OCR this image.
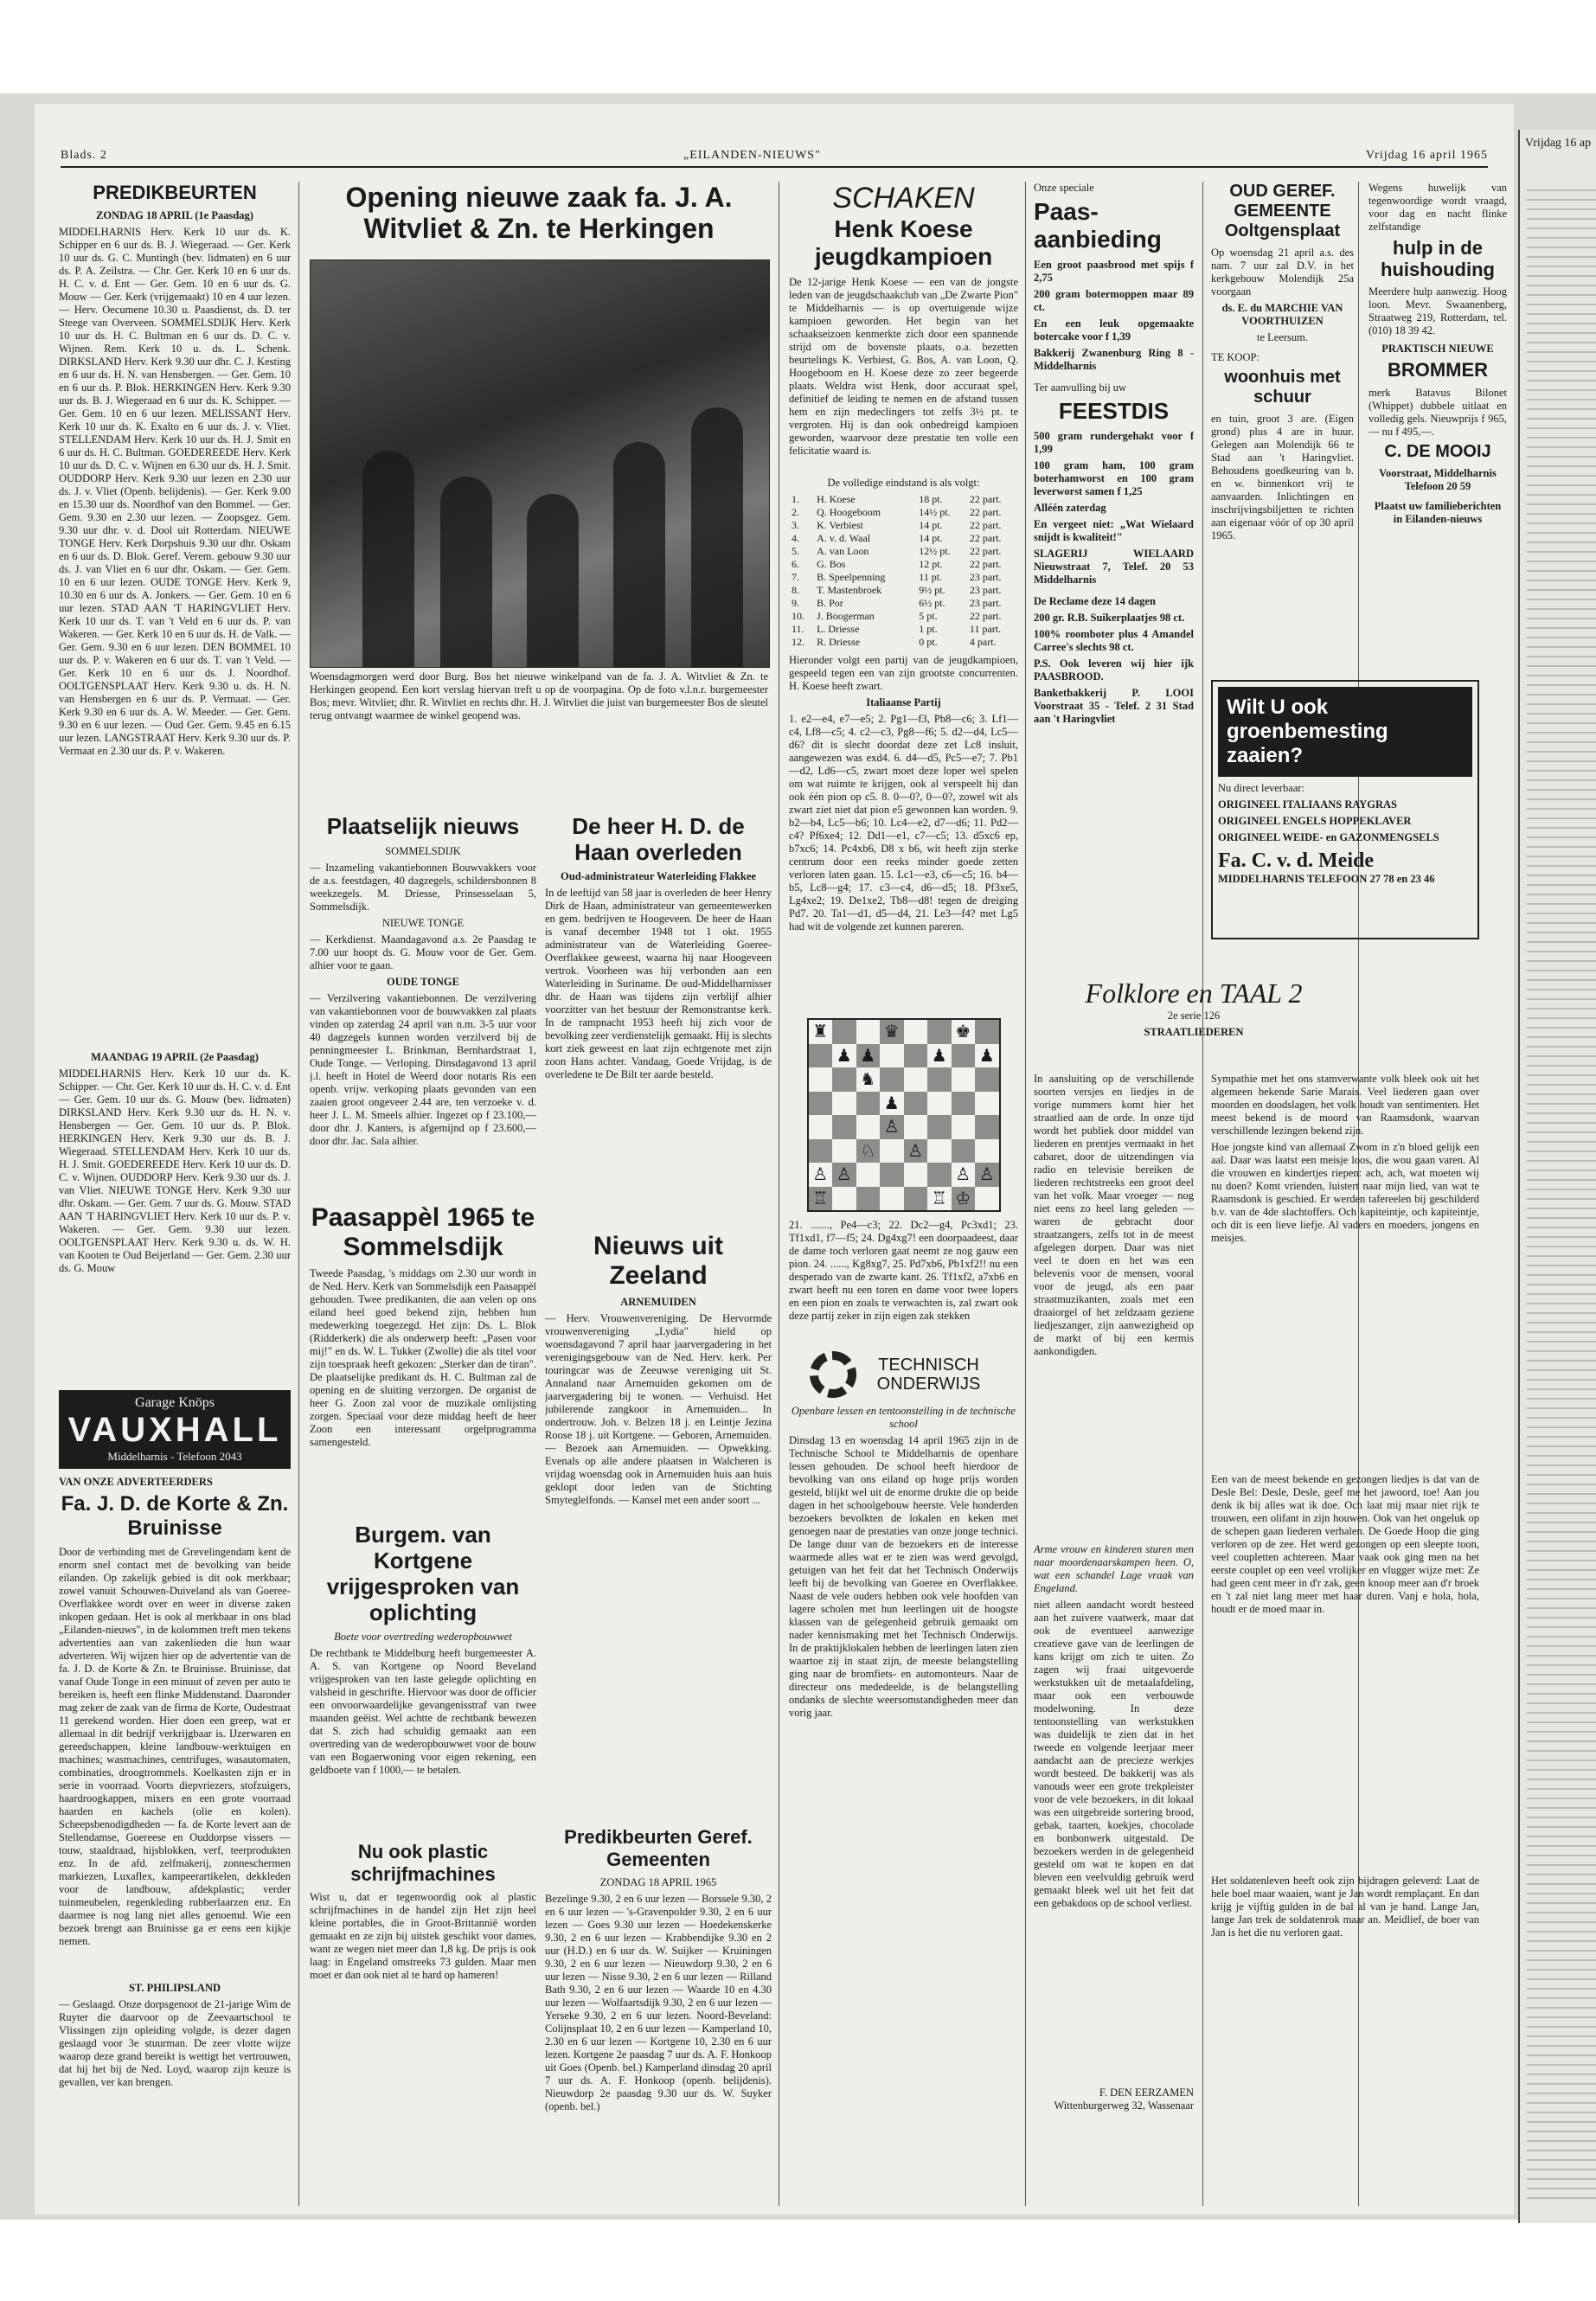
Vrijdag 16 ap
Blads. 2	„EILANDEN-NIEUWS"	Vrijdag 16 april 1965
PREDIKBEURTEN
ZONDAG 18 APRIL (1e Paasdag)

MIDDELHARNIS Herv. Kerk 10 uur ds. K. Schipper en 6 uur ds. B. J. Wiegeraad. — Ger. Kerk 10 uur ds. G. C. Muntingh (bev. lidmaten) en 6 uur ds. P. A. Zeilstra. — Chr. Ger. Kerk 10 en 6 uur ds. H. C. v. d. Ent — Ger. Gem. 10 en 6 uur ds. G. Mouw — Ger. Kerk (vrijgemaakt) 10 en 4 uur lezen. — Herv. Oecumene 10.30 u. Paasdienst, ds. D. ter Steege van Overveen. SOMMELSDIJK Herv. Kerk 10 uur ds. H. C. Bultman en 6 uur ds. D. C. v. Wijnen. Rem. Kerk 10 u. ds. L. Schenk. DIRKSLAND Herv. Kerk 9.30 uur dhr. C. J. Kesting en 6 uur ds. H. N. van Hensbergen. — Ger. Gem. 10 en 6 uur ds. P. Blok. HERKINGEN Herv. Kerk 9.30 uur ds. B. J. Wiegeraad en 6 uur ds. K. Schipper. — Ger. Gem. 10 en 6 uur lezen. MELISSANT Herv. Kerk 10 uur ds. K. Exalto en 6 uur ds. J. v. Vliet. STELLENDAM Herv. Kerk 10 uur ds. H. J. Smit en 6 uur ds. H. C. Bultman. GOEDEREEDE Herv. Kerk 10 uur ds. D. C. v. Wijnen en 6.30 uur ds. H. J. Smit. OUDDORP Herv. Kerk 9.30 uur lezen en 2.30 uur ds. J. v. Vliet (Openb. belijdenis). — Ger. Kerk 9.00 en 15.30 uur ds. Noordhof van den Bommel. — Ger. Gem. 9.30 en 2.30 uur lezen. — Zoopsgez. Gem. 9.30 uur dhr. v. d. Dool uit Rotterdam. NIEUWE TONGE Herv. Kerk Dorpshuis 9.30 uur dhr. Oskam en 6 uur ds. D. Blok. Geref. Verem. gebouw 9.30 uur ds. J. van Vliet en 6 uur dhr. Oskam. — Ger. Gem. 10 en 6 uur lezen. OUDE TONGE Herv. Kerk 9, 10.30 en 6 uur ds. A. Jonkers. — Ger. Gem. 10 en 6 uur lezen. STAD AAN 'T HARINGVLIET Herv. Kerk 10 uur ds. T. van 't Veld en 6 uur ds. P. van Wakeren. — Ger. Kerk 10 en 6 uur ds. H. de Valk. — Ger. Gem. 9.30 en 6 uur lezen. DEN BOMMEL 10 uur ds. P. v. Wakeren en 6 uur ds. T. van 't Veld. — Ger. Kerk 10 en 6 uur ds. J. Noordhof. OOLTGENSPLAAT Herv. Kerk 9.30 u. ds. H. N. van Hensbergen en 6 uur ds. P. Vermaat. — Ger. Kerk 9.30 en 6 uur ds. A. W. Meeder. — Ger. Gem. 9.30 en 6 uur lezen. — Oud Ger. Gem. 9.45 en 6.15 uur lezen. LANGSTRAAT Herv. Kerk 9.30 uur ds. P. Vermaat en 2.30 uur ds. P. v. Wakeren.

MAANDAG 19 APRIL (2e Paasdag)

MIDDELHARNIS Herv. Kerk 10 uur ds. K. Schipper. — Chr. Ger. Kerk 10 uur ds. H. C. v. d. Ent — Ger. Gem. 10 uur ds. G. Mouw (bev. lidmaten) DIRKSLAND Herv. Kerk 9.30 uur ds. H. N. v. Hensbergen — Ger. Gem. 10 uur ds. P. Blok. HERKINGEN Herv. Kerk 9.30 uur ds. B. J. Wiegeraad. STELLENDAM Herv. Kerk 10 uur ds. H. J. Smit. GOEDEREEDE Herv. Kerk 10 uur ds. D. C. v. Wijnen. OUDDORP Herv. Kerk 9.30 uur ds. J. van Vliet. NIEUWE TONGE Herv. Kerk 9.30 uur dhr. Oskam. — Ger. Gem. 7 uur ds. G. Mouw. STAD AAN 'T HARINGVLIET Herv. Kerk 10 uur ds. P. v. Wakeren. — Ger. Gem. 9.30 uur lezen. OOLTGENSPLAAT Herv. Kerk 9.30 u. ds. W. H. van Kooten te Oud Beijerland — Ger. Gem. 2.30 uur ds. G. Mouw

Garage Knöps
VAUXHALL
Middelharnis - Telefoon 2043
VAN ONZE ADVERTEERDERS
Fa. J. D. de Korte & Zn. Bruinisse

Door de verbinding met de Grevelingendam kent de enorm snel contact met de bevolking van beide eilanden. Op zakelijk gebied is dit ook merkbaar; zowel vanuit Schouwen-Duiveland als van Goeree-Overflakkee wordt over en weer in diverse zaken inkopen gedaan. Het is ook al merkbaar in ons blad „Eilanden-nieuws", in de kolommen treft men tekens advertenties aan van zakenlieden die hun waar adverteren. Wij wijzen hier op de advertentie van de fa. J. D. de Korte & Zn. te Bruinisse. Bruinisse, dat vanaf Oude Tonge in een minuut of zeven per auto te bereiken is, heeft een flinke Middenstand. Daaronder mag zeker de zaak van de firma de Korte, Oudestraat 11 gerekend worden. Hier doen een greep, wat er allemaal in dit bedrijf verkrijgbaar is. IJzerwaren en gereedschappen, kleine landbouw-werktuigen en machines; wasmachines, centrifuges, wasautomaten, combinaties, droogtrommels. Koelkasten zijn er in serie in voorraad. Voorts diepvriezers, stofzuigers, haardroogkappen, mixers en een grote voorraad haarden en kachels (olie en kolen). Scheepsbenodigdheden — fa. de Korte levert aan de Stellendamse, Goereese en Ouddorpse vissers — touw, staaldraad, hijsblokken, verf, teerprodukten enz. In de afd. zelfmakerij, zonneschermen markiezen, Luxaflex, kampeerartikelen, dekkleden voor de landbouw, afdekplastic; verder tuinmeubelen, regenkleding rubberlaarzen enz. En daarmee is nog lang niet alles genoemd. Wie een bezoek brengt aan Bruinisse ga er eens een kijkje nemen.

ST. PHILIPSLAND

— Geslaagd. Onze dorpsgenoot de 21-jarige Wim de Ruyter die daarvoor op de Zeevaartschool te Vlissingen zijn opleiding volgde, is dezer dagen geslaagd voor 3e stuurman. De zeer vlotte wijze waarop deze grand bereikt is wettigt het vertrouwen, dat hij het bij de Ned. Loyd, waarop zijn keuze is gevallen, ver kan brengen.

Opening nieuwe zaak fa. J. A. Witvliet & Zn. te Herkingen

Woensdagmorgen werd door Burg. Bos het nieuwe winkelpand van de fa. J. A. Witvliet & Zn. te Herkingen geopend. Een kort verslag hiervan treft u op de voorpagina. Op de foto v.l.n.r. burgemeester Bos; mevr. Witvliet; dhr. R. Witvliet en rechts dhr. H. J. Witvliet die juist van burgemeester Bos de sleutel terug ontvangt waarmee de winkel geopend was.

Plaatselijk nieuws
SOMMELSDIJK

— Inzameling vakantiebonnen Bouwvakkers voor de a.s. feestdagen, 40 dagzegels, schildersbonnen 8 weekzegels. M. Driesse, Prinsesselaan 5, Sommelsdijk.

NIEUWE TONGE

— Kerkdienst. Maandagavond a.s. 2e Paasdag te 7.00 uur hoopt ds. G. Mouw voor de Ger. Gem. alhier voor te gaan.

OUDE TONGE

— Verzilvering vakantiebonnen. De verzilvering van vakantiebonnen voor de bouwvakken zal plaats vinden op zaterdag 24 april van n.m. 3-5 uur voor 40 dagzegels kunnen worden verzilverd bij de penningmeester L. Brinkman, Bernhardstraat 1, Oude Tonge. — Verloping. Dinsdagavond 13 april j.l. heeft in Hotel de Weerd door notaris Ris een openb. vrijw. verkoping plaats gevonden van een zaaien groot ongeveer 2.44 are, ten verzoeke v. d. heer J. L. M. Smeels alhier. Ingezet op f 23.100,— door dhr. J. Kanters, is afgemijnd op f 23.600,— door dhr. Jac. Sala alhier.

Paasappèl 1965 te Sommelsdijk

Tweede Paasdag, 's middags om 2.30 uur wordt in de Ned. Herv. Kerk van Sommelsdijk een Paasappèl gehouden. Twee predikanten, die aan velen op ons eiland heel goed bekend zijn, hebben hun medewerking toegezegd. Het zijn: Ds. L. Blok (Ridderkerk) die als onderwerp heeft: „Pasen voor mij!" en ds. W. L. Tukker (Zwolle) die als titel voor zijn toespraak heeft gekozen: „Sterker dan de tiran". De plaatselijke predikant ds. H. C. Bultman zal de opening en de sluiting verzorgen. De organist de heer G. Zoon zal voor de muzikale omlijsting zorgen. Speciaal voor deze middag heeft de heer Zoon een interessant orgelprogramma samengesteld.

Burgem. van Kortgene vrijgesproken van oplichting
Boete voor overtreding wederopbouwwet

De rechtbank te Middelburg heeft burgemeester A. A. S. van Kortgene op Noord Beveland vrijgesproken van ten laste gelegde oplichting en valsheid in geschrifte. Hiervoor was door de officier een onvoorwaardelijke gevangenisstraf van twee maanden geëist. Wel achtte de rechtbank bewezen dat S. zich had schuldig gemaakt aan een overtreding van de wederopbouwwet voor de bouw van een Bogaerwoning voor eigen rekening, een geldboete van f 1000,— te betalen.

Nu ook plastic schrijfmachines

Wist u, dat er tegenwoordig ook al plastic schrijfmachines in de handel zijn Het zijn heel kleine portables, die in Groot-Brittannië worden gemaakt en ze zijn bij uitstek geschikt voor dames, want ze wegen niet meer dan 1,8 kg. De prijs is ook laag: in Engeland omstreeks 73 gulden. Maar men moet er dan ook niet al te hard op hameren!

De heer H. D. de Haan overleden
Oud-administrateur Waterleiding Flakkee

In de leeftijd van 58 jaar is overleden de heer Henry Dirk de Haan, administrateur van gemeentewerken en gem. bedrijven te Hoogeveen. De heer de Haan is vanaf december 1948 tot 1 okt. 1955 administrateur van de Waterleiding Goeree-Overflakkee geweest, waarna hij naar Hoogeveen vertrok. Voorheen was hij verbonden aan een Waterleiding in Suriname. De oud-Middelharnisser dhr. de Haan was tijdens zijn verblijf alhier voorzitter van het bestuur der Remonstrantse kerk. In de rampnacht 1953 heeft hij zich voor de bevolking zeer verdienstelijk gemaakt. Hij is slechts kort ziek geweest en laat zijn echtgenote met zijn zoon Hans achter. Vandaag, Goede Vrijdag, is de overledene te De Bilt ter aarde besteld.

Nieuws uit Zeeland
ARNEMUIDEN

— Herv. Vrouwenvereniging. De Hervormde vrouwenvereniging „Lydia" hield op woensdagavond 7 april haar jaarvergadering in het verenigingsgebouw van de Ned. Herv. kerk. Per touringcar was de Zeeuwse vereniging uit St. Annaland naar Arnemuiden gekomen om de jaarvergadering bij te wonen. — Verhuisd. Het jubilerende zangkoor in Arnemuiden... In ondertrouw. Joh. v. Belzen 18 j. en Leintje Jezina Roose 18 j. uit Kortgene. — Geboren, Arnemuiden. — Bezoek aan Arnemuiden. — Opwekking. Evenals op alle andere plaatsen in Walcheren is vrijdag woensdag ook in Arnemuiden huis aan huis geklopt door leden van de Stichting Smyteglelfonds. — Kansel met een ander soort ...

Predikbeurten Geref. Gemeenten
ZONDAG 18 APRIL 1965

Bezelinge 9.30, 2 en 6 uur lezen — Borssele 9.30, 2 en 6 uur lezen — 's-Gravenpolder 9.30, 2 en 6 uur lezen — Goes 9.30 uur lezen — Hoedekenskerke 9.30, 2 en 6 uur lezen — Krabbendijke 9.30 en 2 uur (H.D.) en 6 uur ds. W. Suijker — Kruiningen 9.30, 2 en 6 uur lezen — Nieuwdorp 9.30, 2 en 6 uur lezen — Nisse 9.30, 2 en 6 uur lezen — Rilland Bath 9.30, 2 en 6 uur lezen — Waarde 10 en 4.30 uur lezen — Wolfaartsdijk 9.30, 2 en 6 uur lezen — Yerseke 9.30, 2 en 6 uur lezen. Noord-Beveland: Colijnsplaat 10, 2 en 6 uur lezen — Kamperland 10, 2.30 en 6 uur lezen — Kortgene 10, 2.30 en 6 uur lezen. Kortgene 2e paasdag 7 uur ds. A. F. Honkoop uit Goes (Openb. bel.) Kamperland dinsdag 20 april 7 uur ds. A. F. Honkoop (openb. belijdenis). Nieuwdorp 2e paasdag 9.30 uur ds. W. Suyker (openb. bel.)

SCHAKEN
Henk Koese jeugdkampioen

De 12-jarige Henk Koese — een van de jongste leden van de jeugdschaakclub van „De Zwarte Pion" te Middelharnis — is op overtuigende wijze kampioen geworden. Het begin van het schaakseizoen kenmerkte zich door een spannende strijd om de bovenste plaats, o.a. bezetten beurtelings K. Verbiest, G. Bos, A. van Loon, Q. Hoogeboom en H. Koese deze zo zeer begeerde plaats. Weldra wist Henk, door accuraat spel, definitief de leiding te nemen en de afstand tussen hem en zijn medeclingers tot zelfs 3½ pt. te vergroten. Hij is dan ook onbedreigd kampioen geworden, waarvoor deze prestatie ten volle een felicitatie waard is.

De volledige eindstand is als volgt:

1.	H. Koese	18 pt.	22 part.
2.	Q. Hoogeboom	14½ pt.	22 part.
3.	K. Verbiest	14 pt.	22 part.
4.	A. v. d. Waal	14 pt.	22 part.
5.	A. van Loon	12½ pt.	22 part.
6.	G. Bos	12 pt.	22 part.
7.	B. Speelpenning	11 pt.	23 part.
8.	T. Mastenbroek	9½ pt.	23 part.
9.	B. Por	6½ pt.	23 part.
10.	J. Boogerman	5 pt.	22 part.
11.	L. Driesse	1 pt.	11 part.
12.	R. Driesse	0 pt.	4 part.

Hieronder volgt een partij van de jeugdkampioen, gespeeld tegen een van zijn grootste concurrenten. H. Koese heeft zwart.

Italiaanse Partij

1. e2—e4, e7—e5; 2. Pg1—f3, Pb8—c6; 3. Lf1—c4, Lf8—c5; 4. c2—c3, Pg8—f6; 5. d2—d4, Lc5—d6? dit is slecht doordat deze zet Lc8 insluit, aangewezen was exd4. 6. d4—d5, Pc5—e7; 7. Pb1—d2, Ld6—c5, zwart moet deze loper wel spelen om wat ruimte te krijgen, ook al verspeelt hij dan ook één pion op c5. 8. 0—0?, 0—0?, zowel wit als zwart ziet niet dat pion e5 gewonnen kan worden. 9. b2—b4, Lc5—b6; 10. Lc4—e2, d7—d6; 11. Pd2—c4? Pf6xe4; 12. Dd1—e1, c7—c5; 13. d5xc6 ep, b7xc6; 14. Pc4xb6, D8 x b6, wit heeft zijn sterke centrum door een reeks minder goede zetten verloren laten gaan. 15. Lc1—e3, c6—c5; 16. b4—b5, Lc8—g4; 17. c3—c4, d6—d5; 18. Pf3xe5, Lg4xe2; 19. De1xe2, Tb8—d8! tegen de dreiging Pd7. 20. Ta1—d1, d5—d4, 21. Le3—f4? met Lg5 had wit de volgende zet kunnen pareren.

♜	♛	♚
♟ ♟	♟ ♟
♞
♟
♙
♘ ♙
♙ ♙	♙ ♙
♖	♖ ♔

21. ......., Pe4—c3; 22. Dc2—g4, Pc3xd1; 23. Tf1xd1, f7—f5; 24. Dg4xg7! een doorpaadeest, daar de dame toch verloren gaat neemt ze nog gauw een pion. 24. ......, Kg8xg7, 25. Pd7xb6, Pb1xf2!! nu een desperado van de zwarte kant. 26. Tf1xf2, a7xb6 en zwart heeft nu een toren en dame voor twee lopers en een pion en zoals te verwachten is, zal zwart ook deze partij zeker in zijn eigen zak stekken

TECHNISCH ONDERWIJS
Openbare lessen en tentoonstelling in de technische school

Dinsdag 13 en woensdag 14 april 1965 zijn in de Technische School te Middelharnis de openbare lessen gehouden. De school heeft hierdoor de bevolking van ons eiland op hoge prijs worden gesteld, blijkt wel uit de enorme drukte die op beide dagen in het schoolgebouw heerste. Vele honderden bezoekers bevolkten de lokalen en keken met genoegen naar de prestaties van onze jonge technici. De lange duur van de bezoekers en de interesse waarmede alles wat er te zien was werd gevolgd, getuigen van het feit dat het Technisch Onderwijs leeft bij de bevolking van Goeree en Overflakkee. Naast de vele ouders hebben ook vele hoofden van lagere scholen met hun leerlingen uit de hoogste klassen van de gelegenheid gebruik gemaakt om nader kennismaking met het Technisch Onderwijs. In de praktijklokalen hebben de leerlingen laten zien waartoe zij in staat zijn, de meeste belangstelling ging naar de bromfiets- en automonteurs. Naar de directeur ons mededeelde, is de belangstelling ondanks de slechte weersomstandigheden meer dan vorig jaar.

Onze speciale
Paas-aanbieding
Een groot paasbrood met spijs f 2,75
200 gram botermoppen maar 89 ct.
En een leuk opgemaakte botercake voor f 1,39
Bakkerij Zwanenburg Ring 8 - Middelharnis
Ter aanvulling bij uw
FEESTDIS
500 gram rundergehakt voor f 1,99
100 gram ham, 100 gram boterhamworst en 100 gram leverworst samen f 1,25
Alléén zaterdag
En vergeet niet: „Wat Wielaard snijdt is kwaliteit!"
SLAGERIJ WIELAARD Nieuwstraat 7, Telef. 20 53 Middelharnis
De Reclame deze 14 dagen
200 gr. R.B. Suikerplaatjes 98 ct.
100% roomboter plus 4 Amandel Carree's slechts 98 ct.
P.S. Ook leveren wij hier ijk PAASBROOD.
Banketbakkerij P. LOOI Voorstraat 35 - Telef. 2 31 Stad aan 't Haringvliet
Folklore en TAAL 2
2e serie 126
STRAATLIEDEREN

In aansluiting op de verschillende soorten versjes en liedjes in de vorige nummers komt hier het straatlied aan de orde. In onze tijd wordt het publiek door middel van liederen en prentjes vermaakt in het cabaret, door de uitzendingen via radio en televisie bereiken de liederen rechtstreeks een groot deel van het volk. Maar vroeger — nog niet eens zo heel lang geleden — waren de gebracht door straatzangers, zelfs tot in de meest afgelegen dorpen. Daar was niet veel te doen en het was een belevenis voor de mensen, vooral voor de jeugd, als een paar straatmuzikanten, zoals met een draaiorgel of het zeldzaam geziene liedjeszanger, zijn aanwezigheid op de markt of bij een kermis aankondigden.

Arme vrouw en kinderen sturen men naar moordenaarskampen heen. O, wat een schandel Lage vraak van Engeland.

niet alleen aandacht wordt besteed aan het zuivere vaatwerk, maar dat ook de eventueel aanwezige creatieve gave van de leerlingen de kans krijgt om zich te uiten. Zo zagen wij fraai uitgevoerde werkstukken uit de metaalafdeling, maar ook een verbouwde modelwoning. In deze tentoonstelling van werkstukken was duidelijk te zien dat in het tweede en volgende leerjaar meer aandacht aan de precieze werkjes wordt besteed. De bakkerij was als vanouds weer een grote trekpleister voor de vele bezoekers, in dit lokaal was een uitgebreide sortering brood, gebak, taarten, koekjes, chocolade en bonbonwerk uitgestald. De bezoekers werden in de gelegenheid gesteld om wat te kopen en dat bleven een veelvuldig gebruik werd gemaakt bleek wel uit het feit dat een gebakdoos op de school verliest.

F. DEN EERZAMEN Wittenburgerweg 32, Wassenaar
OUD GEREF. GEMEENTE Ooltgensplaat

Op woensdag 21 april a.s. des nam. 7 uur zal D.V. in het kerkgebouw Molendijk 25a voorgaan

ds. E. du MARCHIE VAN VOORTHUIZEN
te Leersum.
TE KOOP:
woonhuis met schuur

en tuin, groot 3 are. (Eigen grond) plus 4 are in huur. Gelegen aan Molendijk 66 te Stad aan 't Haringvliet. Behoudens goedkeuring van b. en w. binnenkort vrij te aanvaarden. Inlichtingen en inschrijvingsbiljetten te richten aan eigenaar vóór of op 30 april 1965.

Wilt U ook groenbemesting zaaien?
Nu direct leverbaar:
ORIGINEEL ITALIAANS RAYGRAS
ORIGINEEL ENGELS HOPPEKLAVER
ORIGINEEL WEIDE- en GAZONMENGSELS
Fa. C. v. d. Meide
MIDDELHARNIS TELEFOON 27 78 en 23 46

Sympathie met het ons stamverwante volk bleek ook uit het algemeen bekende Sarie Marais. Veel liederen gaan over moorden en doodslagen, het volk houdt van sentimenten. Het meest bekend is de moord van Raamsdonk, waarvan verschillende lezingen bekend zijn.

Hoe jongste kind van allemaal Zwom in z'n bloed gelijk een aal. Daar was laatst een meisje loos, die wou gaan varen. Al die vrouwen en kindertjes riepen: ach, ach, wat moeten wij nu doen? Komt vrienden, luistert naar mijn lied, van wat te Raamsdonk is geschied. Er werden tafereelen bij geschilderd b.v. van de 4de slachtoffers. Och kapiteintje, och kapiteintje, och dit is een lieve liefje. Al vaders en moeders, jongens en meisjes.

Een van de meest bekende en gezongen liedjes is dat van de Desle Bel: Desle, Desle, geef me het jawoord, toe! Aan jou denk ik bij alles wat ik doe. Och laat mij maar niet rijk te trouwen, een olifant in zijn houwen. Ook van het ongeluk op de schepen gaan liederen verhalen. De Goede Hoop die ging verloren op de zee. Het werd gezongen op een sleepte toon, veel coupletten achtereen. Maar vaak ook ging men na het eerste couplet op een veel vrolijker en vlugger wijze met: Ze had geen cent meer in d'r zak, geen knoop meer aan d'r broek en 't zal niet lang meer met haar duren. Vanj e hola, hola, houdt er de moed maar in.

Het soldatenleven heeft ook zijn bijdragen geleverd: Laat de hele boel maar waaien, want je Jan wordt remplaçant. En dan krijg je vijftig gulden in de bal al van je hand. Lange Jan, lange Jan trek de soldatenrok maar an. Meidlief, de boer van Jan is het die nu verloren gaat.

Wegens huwelijk van tegenwoordige wordt vraagd, voor dag en nacht flinke zelfstandige

hulp in de huishouding

Meerdere hulp aanwezig. Hoog loon. Mevr. Swaanenberg, Straatweg 219, Rotterdam, tel. (010) 18 39 42.

PRAKTISCH NIEUWE
BROMMER

merk Batavus Bilonet (Whippet) dubbele uitlaat en volledig gels. Nieuwprijs f 965,— nu f 495,—.

C. DE MOOIJ
Voorstraat, Middelharnis Telefoon 20 59

Plaatst uw familieberichten in Eilanden-nieuws
